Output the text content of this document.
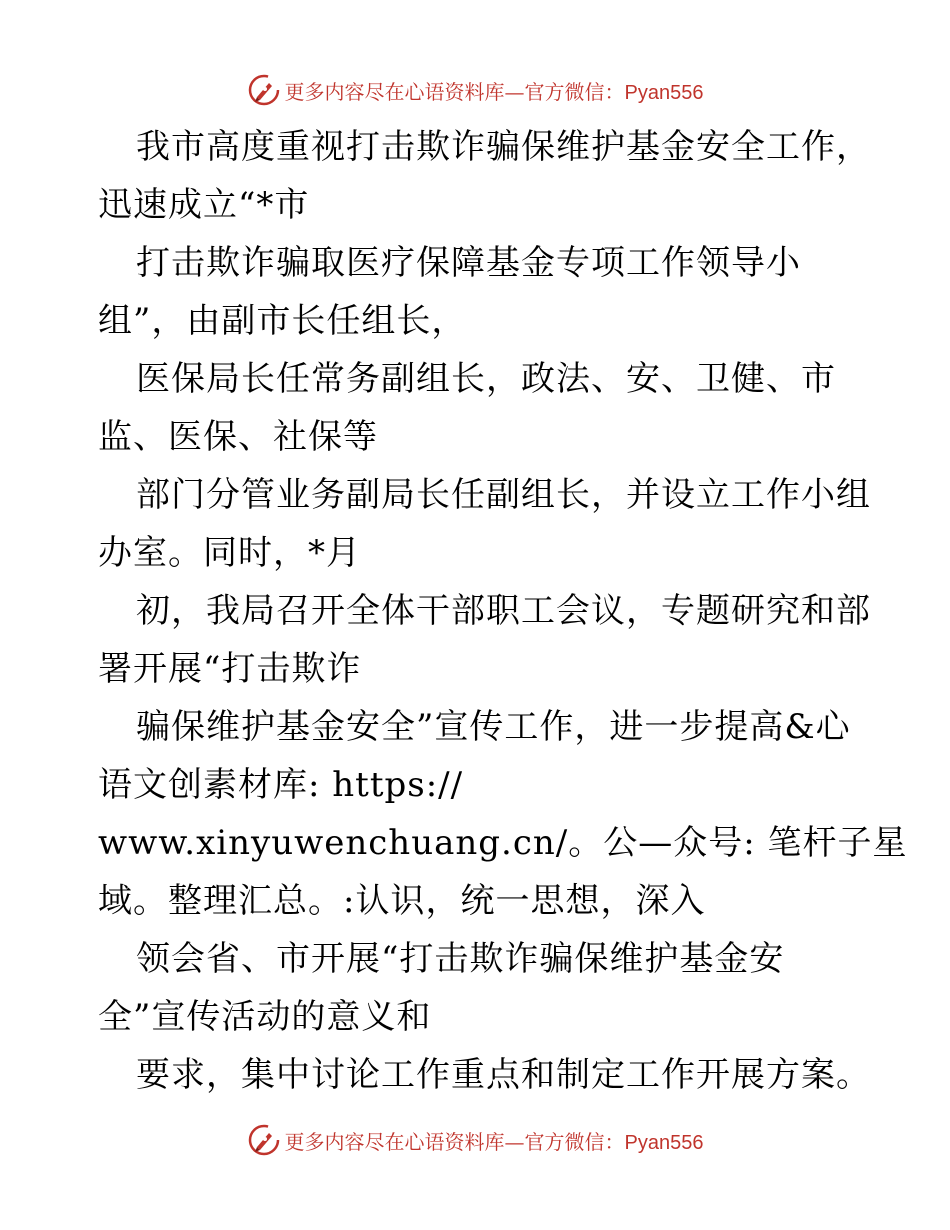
更多内容尽在心语资料库—官方微信：Pyan556
我市高度重视打击欺诈骗保维护基金安全工作，
迅速成立“*市
打击欺诈骗取医疗保障基金专项工作领导小
组”，由副市长任组长，
医保局长任常务副组长，政法、安、卫健、市
监、医保、社保等
部门分管业务副局长任副组长，并设立工作小组
办室。同时，*月
初，我局召开全体干部职工会议，专题研究和部
署开展“打击欺诈
骗保维护基金安全”宣传工作，进一步提高&心
语文创素材库: https://
www.xinyuwenchuang.cn/。公—众号: 笔杆子星
域。整理汇总。:认识，统一思想，深入
领会省、市开展“打击欺诈骗保维护基金安
全”宣传活动的意义和
要求，集中讨论工作重点和制定工作开展方案。
更多内容尽在心语资料库—官方微信：Pyan556
